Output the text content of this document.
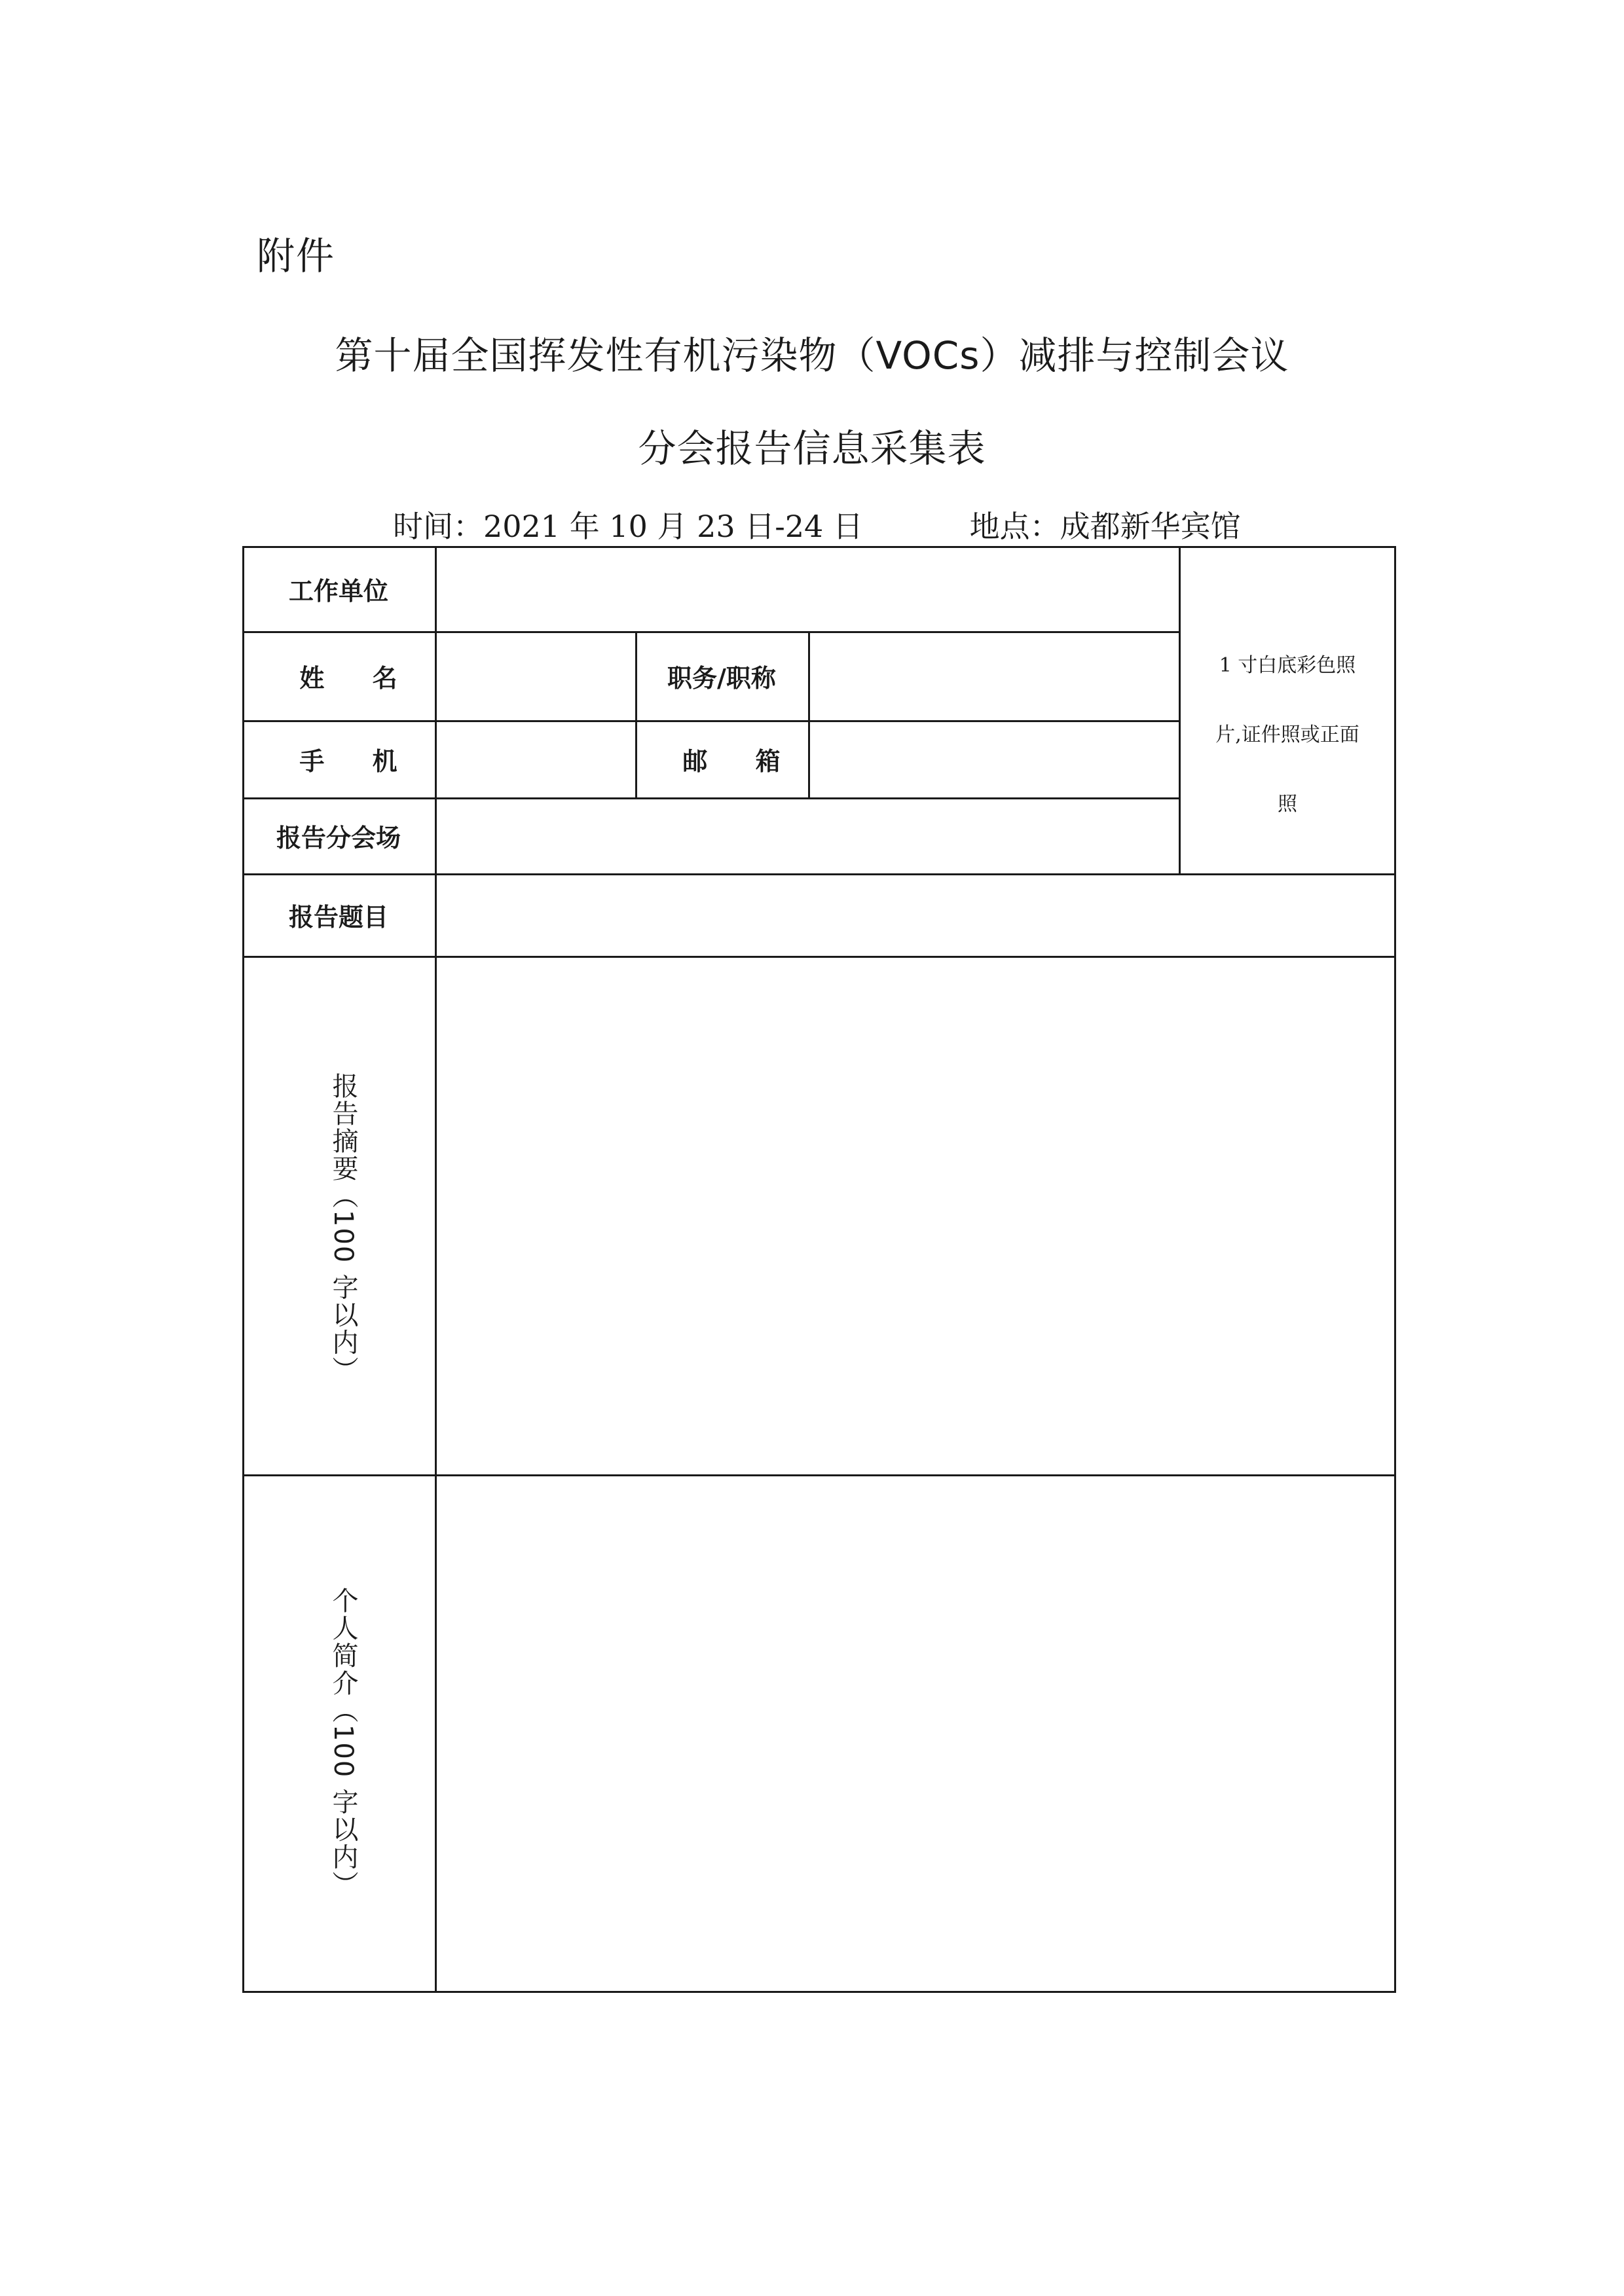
附件
第十届全国挥发性有机污染物（VOCs）减排与控制会议
分会报告信息采集表
时间：2021 年 10 月 23 日-24 日	地点：成都新华宾馆
工作单位
姓 名	职务/职称
手 机	邮 箱
报告分会场
1 寸白底彩色照
片,证件照或正面
照
报告题目
报告摘要（100 字以内）
个人简介（100 字以内）
